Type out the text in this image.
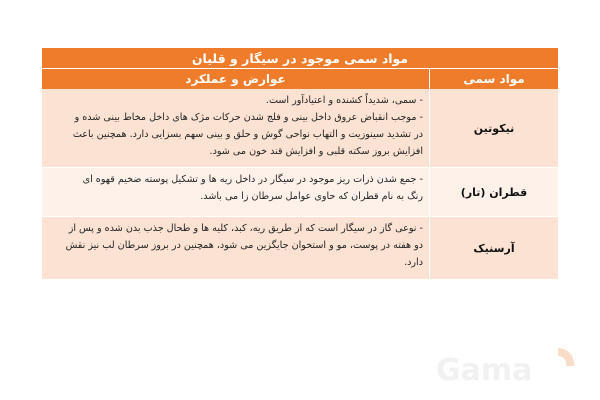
مواد سمی موجود در سیگار و قلیان
مواد سمی
عوارض و عملکرد
نیکوتین
- سمی، شدیداً کشنده و اعتیادآور است.
- موجب انقباض عروق داخل بینی و فلج شدن حرکات مژک های داخل مخاط بینی شده و
در تشدید سینوزیت و التهاب نواحی گوش و حلق و بینی سهم بسزایی دارد. همچنین باعث
افزایش بروز سکته قلبی و افزایش قند خون می شود.
قطران (تار)
- جمع شدن ذرات ریز موجود در سیگار در داخل ریه ها و تشکیل پوسته ضخیم قهوه ای
رنگ به نام قطران که حاوی عوامل سرطان زا می باشد.
آرسنیک
- نوعی گاز در سیگار است که از طریق ریه، کبد، کلیه ها و طحال جذب بدن شده و پس از
دو هفته در پوست، مو و استخوان جایگزین می شود، همچنین در بروز سرطان لب نیز نقش
دارد.
Gama
